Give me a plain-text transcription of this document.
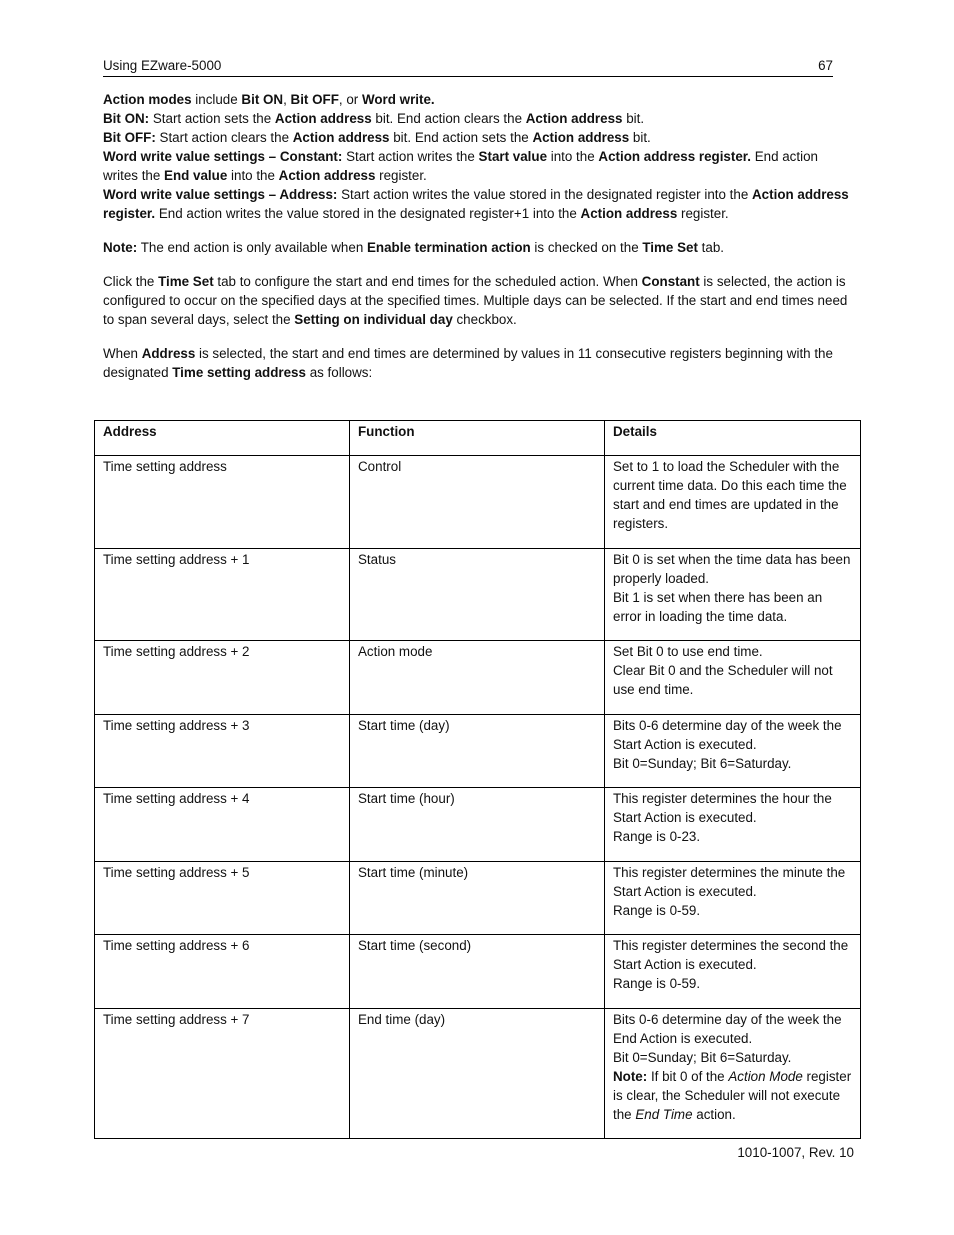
Using EZware-5000	67

Action modes include Bit ON, Bit OFF, or Word write.

Bit ON: Start action sets the Action address bit. End action clears the Action address bit.

Bit OFF: Start action clears the Action address bit. End action sets the Action address bit.

Word write value settings – Constant: Start action writes the Start value into the Action address register. End action writes the End value into the Action address register.

Word write value settings – Address: Start action writes the value stored in the designated register into the Action address register. End action writes the value stored in the designated register+1 into the Action address register.

Note: The end action is only available when Enable termination action is checked on the Time Set tab.

Click the Time Set tab to configure the start and end times for the scheduled action. When Constant is selected, the action is configured to occur on the specified days at the specified times. Multiple days can be selected. If the start and end times need to span several days, select the Setting on individual day checkbox.

When Address is selected, the start and end times are determined by values in 11 consecutive registers beginning with the designated Time setting address as follows:

Address	Function	Details
Time setting address	Control	Set to 1 to load the Scheduler with the current time data. Do this each time the start and end times are updated in the registers.

Time setting address + 1	Status	Bit 0 is set when the time data has been properly loaded.
Bit 1 is set when there has been an error in loading the time data.

Time setting address + 2	Action mode	Set Bit 0 to use end time.
Clear Bit 0 and the Scheduler will not use end time.

Time setting address + 3	Start time (day)	Bits 0-6 determine day of the week the Start Action is executed.
Bit 0=Sunday; Bit 6=Saturday.

Time setting address + 4	Start time (hour)	This register determines the hour the Start Action is executed.
Range is 0-23.

Time setting address + 5	Start time (minute)	This register determines the minute the Start Action is executed.
Range is 0-59.

Time setting address + 6	Start time (second)	This register determines the second the Start Action is executed.
Range is 0-59.

Time setting address + 7	End time (day)	Bits 0-6 determine day of the week the End Action is executed.
Bit 0=Sunday; Bit 6=Saturday.
Note: If bit 0 of the Action Mode register is clear, the Scheduler will not execute the End Time action.
1010-1007, Rev. 10
